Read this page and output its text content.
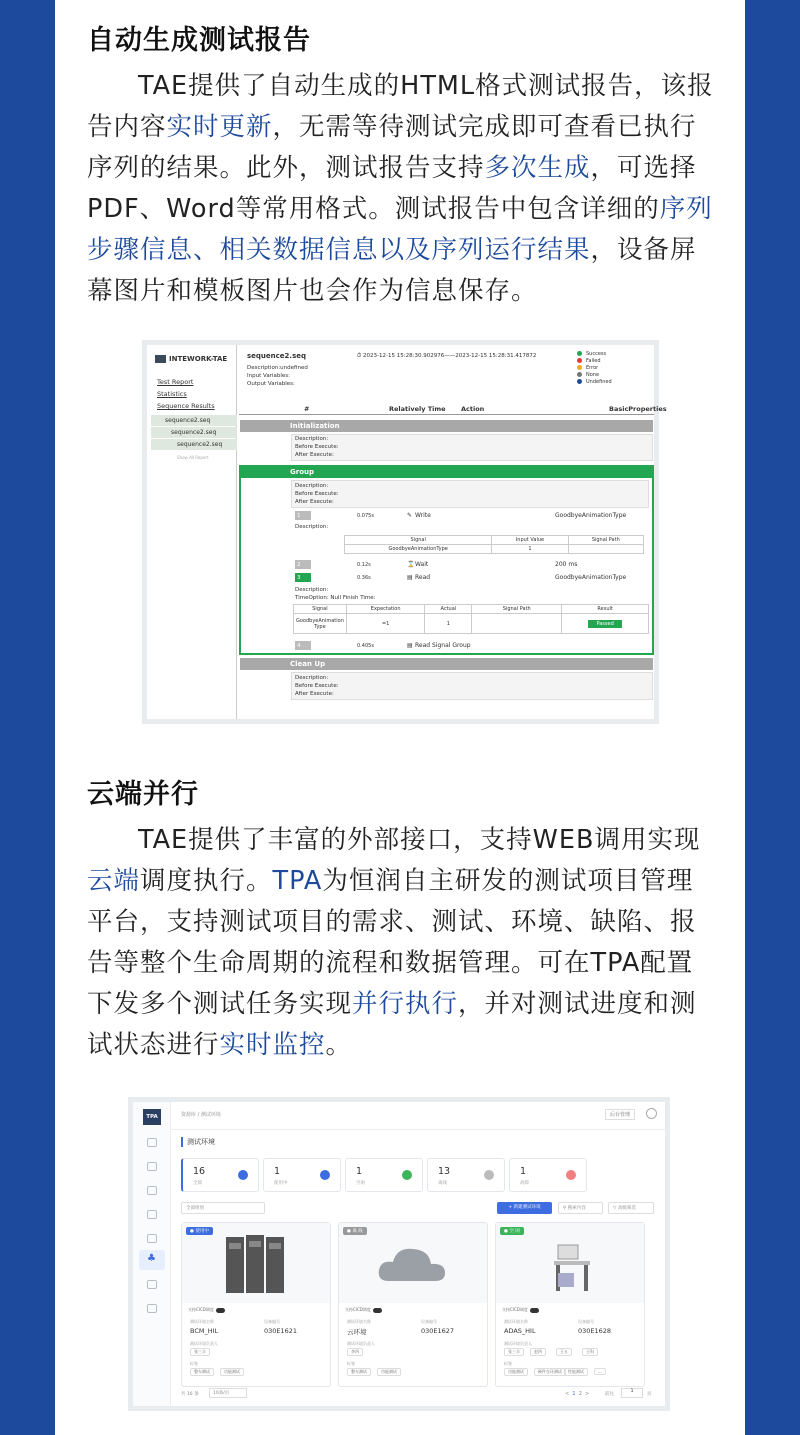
自动生成测试报告

TAE提供了自动生成的HTML格式测试报告，该报告内容实时更新，无需等待测试完成即可查看已执行序列的结果。此外，测试报告支持多次生成，可选择PDF、Word等常用格式。测试报告中包含详细的序列步骤信息、相关数据信息以及序列运行结果，设备屏幕图片和模板图片也会作为信息保存。

INTEWORK-TAE
Test Report
Statistics
Sequence Results
sequence2.seq
sequence2.seq
sequence2.seq
Show All Report
sequence2.seq	⏱ 2023-12-15 15:28:30.902976——2023-12-15 15:28:31.417872
Description:undefined
Input Variables:
Output Variables:
Success
Failed
Error
None
Undefined
#	Relatively Time Action	BasicProperties
Initialization
Description:
Before Execute:
After Execute:
Group
Description:
Before Execute:
After Execute:
1	0.075s	✎ Write	GoodbyeAnimationType
Description:
Signal	Input Value	Signal Path
GoodbyeAnimationType	1	
2	0.12s	⌛ Wait	200 ms
3	0.36s	▤ Read	GoodbyeAnimationType
Description:
TimeOption: Null Finish Time:
Signal	Expectation	Actual	Signal Path	Result
GoodbyeAnimation Type	=1	1		Passed
4	0.405s	▤ Read Signal Group
Clean Up
Description:
Before Execute:
After Execute:
云端并行

TAE提供了丰富的外部接口，支持WEB调用实现云端调度执行。TPA为恒润自主研发的测试项目管理平台，支持测试项目的需求、测试、环境、缺陷、报告等整个生命周期的流程和数据管理。可在TPA配置下发多个测试任务实现并行执行，并对测试进度和测试状态进行实时监控。

TPA
♣
资源库 / 测试环境	后台管理
测试环境
16
全部
1
使用中
1
空闲
13
离线
1
故障
全部组别	+ 新建测试环境	⚲ 搜索内容	▽ 高级筛选
● 使用中
支持CICD调度
测试环境名称
BCM_HIL
设备编号
030E1621
测试环境负责人
张三丰
标签
整车测试	功能测试
● 离 线
支持CICD调度
测试环境名称
云环境
设备编号
030E1627
测试环境负责人
李四
标签
整车测试	功能测试
● 空 闲
支持CICD调度
测试环境名称
ADAS_HIL
设备编号
030E1628
测试环境负责人
张三丰	赵四	王五	王科
标签
功能测试	硬件在环测试	性能测试	...
共 16 条	10条/页	< 1 2 >	前往
1
页
